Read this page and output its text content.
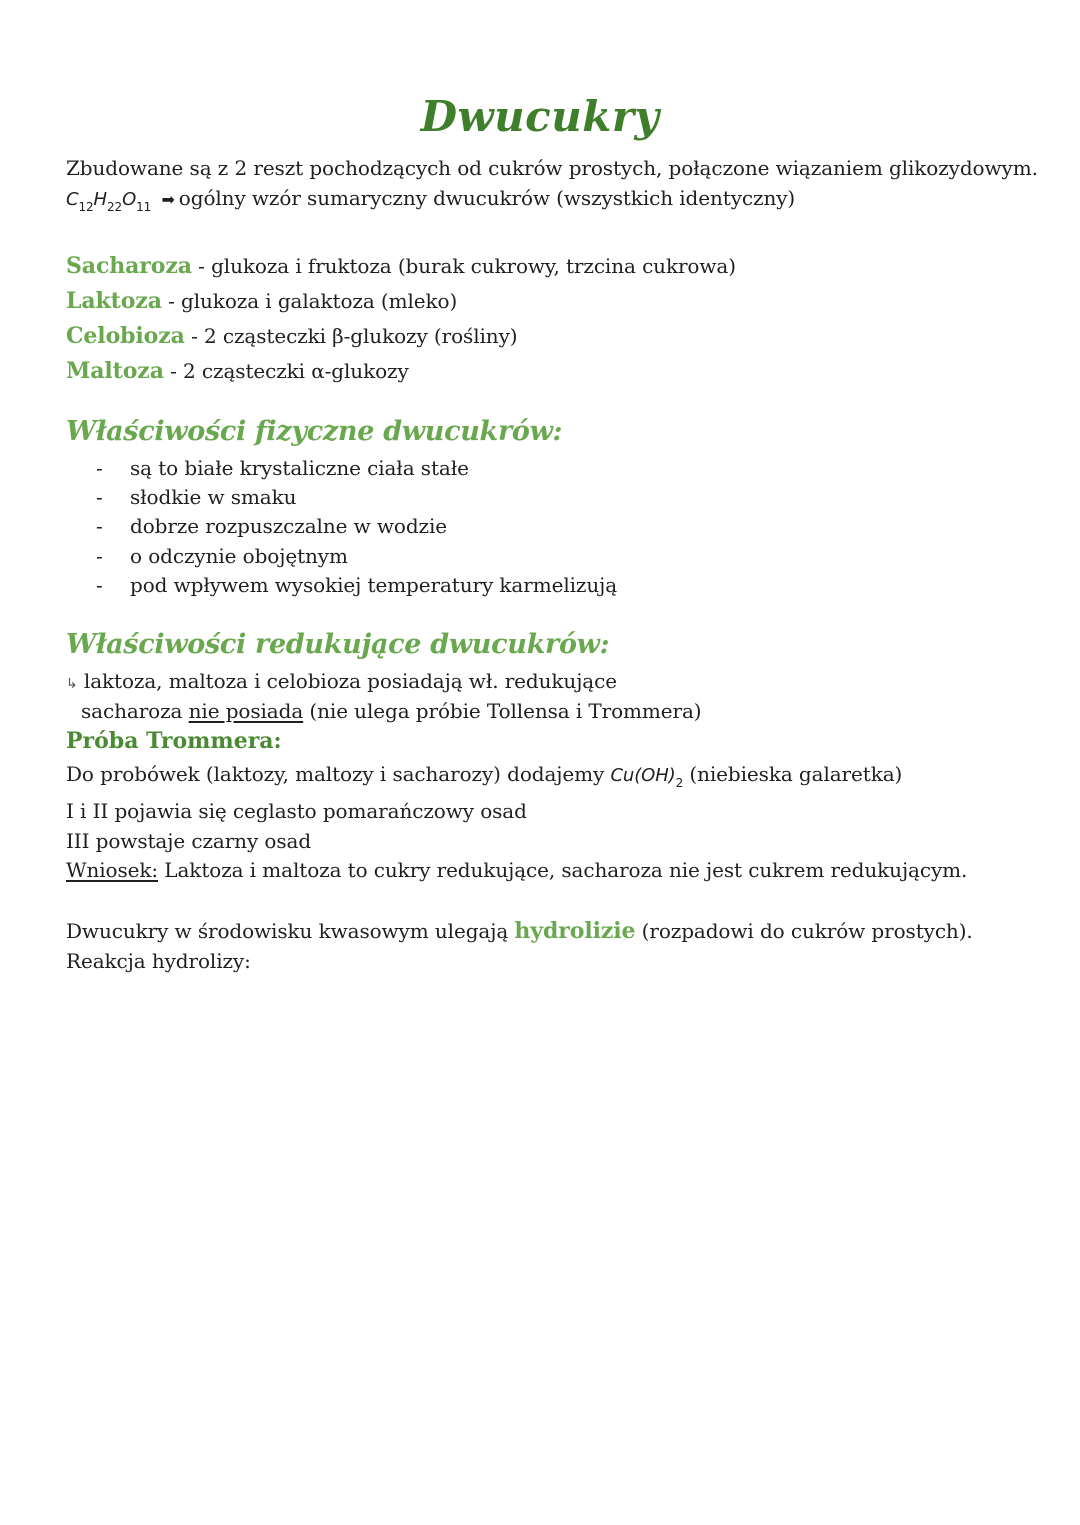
Dwucukry
Zbudowane są z 2 reszt pochodzących od cukrów prostych, połączone wiązaniem glikozydowym.
$C_{12}H_{22}O_{11}$ ➡ ogólny wzór sumaryczny dwucukrów (wszystkich identyczny)
Sacharoza - glukoza i fruktoza (burak cukrowy, trzcina cukrowa)
Laktoza - glukoza i galaktoza (mleko)
Celobioza - 2 cząsteczki β-glukozy (rośliny)
Maltoza - 2 cząsteczki α-glukozy
Właściwości fizyczne dwucukrów:
- są to białe krystaliczne ciała stałe
- słodkie w smaku
- dobrze rozpuszczalne w wodzie
- o odczynie obojętnym
- pod wpływem wysokiej temperatury karmelizują
Właściwości redukujące dwucukrów:
↳ laktoza, maltoza i celobioza posiadają wł. redukujące
sacharoza nie posiada (nie ulega próbie Tollensa i Trommera)
Próba Trommera:
Do probówek (laktozy, maltozy i sacharozy) dodajemy $Cu(OH)_2$ (niebieska galaretka)
I i II pojawia się ceglasto pomarańczowy osad
III powstaje czarny osad
Wniosek: Laktoza i maltoza to cukry redukujące, sacharoza nie jest cukrem redukującym.
Dwucukry w środowisku kwasowym ulegają hydrolizie (rozpadowi do cukrów prostych).
Reakcja hydrolizy:
